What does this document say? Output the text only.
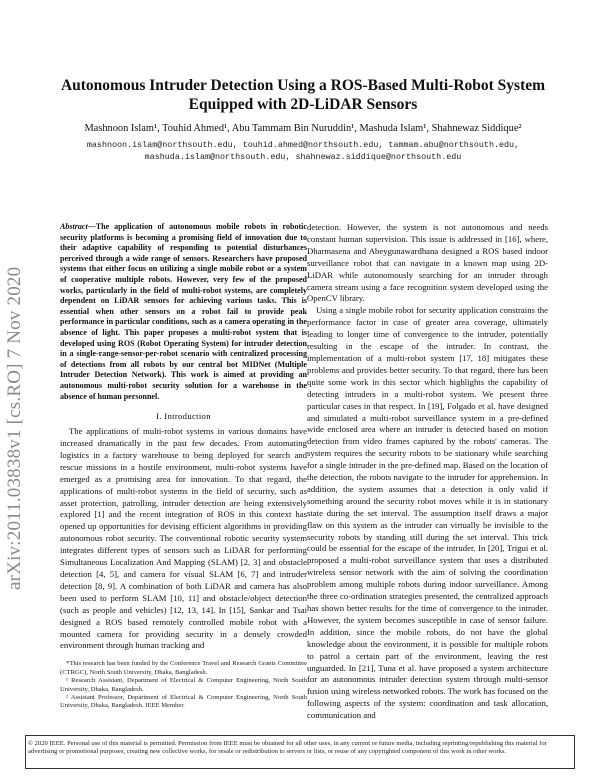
arXiv:2011.03838v1 [cs.RO] 7 Nov 2020
Autonomous Intruder Detection Using a ROS-Based Multi-Robot System Equipped with 2D-LiDAR Sensors
Mashnoon Islam¹, Touhid Ahmed¹, Abu Tammam Bin Nuruddin¹, Mashuda Islam¹, Shahnewaz Siddique²
mashnoon.islam@northsouth.edu, touhid.ahmed@northsouth.edu, tammam.abu@northsouth.edu, mashuda.islam@northsouth.edu, shahnewaz.siddique@northsouth.edu

Abstract—The application of autonomous mobile robots in robotic security platforms is becoming a promising field of innovation due to their adaptive capability of responding to potential disturbances perceived through a wide range of sensors. Researchers have proposed systems that either focus on utilizing a single mobile robot or a system of cooperative multiple robots. However, very few of the proposed works, particularly in the field of multi-robot systems, are completely dependent on LiDAR sensors for achieving various tasks. This is essential when other sensors on a robot fail to provide peak performance in particular conditions, such as a camera operating in the absence of light. This paper proposes a multi-robot system that is developed using ROS (Robot Operating System) for intruder detection in a single-range-sensor-per-robot scenario with centralized processing of detections from all robots by our central bot MIDNet (Multiple Intruder Detection Network). This work is aimed at providing an autonomous multi-robot security solution for a warehouse in the absence of human personnel.

I. Introduction

The applications of multi-robot systems in various domains have increased dramatically in the past few decades. From automating logistics in a factory warehouse to being deployed for search and rescue missions in a hostile environment, multi-robot systems have emerged as a promising area for innovation. To that regard, the applications of multi-robot systems in the field of security, such as asset protection, patrolling, intruder detection are being extensively explored [1] and the recent integration of ROS in this context has opened up opportunities for devising efficient algorithms in providing autonomous robot security. The conventional robotic security system integrates different types of sensors such as LiDAR for performing Simultaneous Localization And Mapping (SLAM) [2, 3] and obstacle detection [4, 5], and camera for visual SLAM [6, 7] and intruder detection [8, 9]. A combination of both LiDAR and camera has also been used to perform SLAM [10, 11] and obstacle/object detection (such as people and vehicles) [12, 13, 14]. In [15], Sankar and Tsai designed a ROS based remotely controlled mobile robot with a mounted camera for providing security in a densely crowded environment through human tracking and

*This research has been funded by the Conference Travel and Research Grants Committee (CTRGC), North South University, Dhaka, Bangladesh.

¹ Research Assistant, Department of Electrical & Computer Engineering, North South University, Dhaka, Bangladesh.

² Assistant Professor, Department of Electrical & Computer Engineering, North South University, Dhaka, Bangladesh. IEEE Member.

detection. However, the system is not autonomous and needs constant human supervision. This issue is addressed in [16], where, Dharmasena and Abeygunawardhana designed a ROS based indoor surveillance robot that can navigate in a known map using 2D-LiDAR while autonomously searching for an intruder through camera stream using a face recognition system developed using the OpenCV library.

Using a single mobile robot for security application constrains the performance factor in case of greater area coverage, ultimately leading to longer time of convergence to the intruder, potentially resulting in the escape of the intruder. In contrast, the implementation of a multi-robot system [17, 18] mitigates these problems and provides better security. To that regard, there has been quite some work in this sector which highlights the capability of detecting intruders in a multi-robot system. We present three particular cases in that respect. In [19], Folgado et al. have designed and simulated a multi-robot surveillance system in a pre-defined wide enclosed area where an intruder is detected based on motion detection from video frames captured by the robots' cameras. The system requires the security robots to be stationary while searching for a single intruder in the pre-defined map. Based on the location of the detection, the robots navigate to the intruder for apprehension. In addition, the system assumes that a detection is only valid if something around the security robot moves while it is in stationary state during the set interval. The assumption itself draws a major flaw on this system as the intruder can virtually be invisible to the security robots by standing still during the set interval. This trick could be essential for the escape of the intruder. In [20], Trigui et al. proposed a multi-robot surveillance system that uses a distributed wireless sensor network with the aim of solving the coordination problem among multiple robots during indoor surveillance. Among the three co-ordination strategies presented, the centralized approach has shown better results for the time of convergence to the intruder. However, the system becomes susceptible in case of sensor failure. In addition, since the mobile robots, do not have the global knowledge about the environment, it is possible for multiple robots to patrol a certain part of the environment, leaving the rest unguarded. In [21], Tuna et al. have proposed a system architecture for an autonomous intruder detection system through multi-sensor fusion using wireless networked robots. The work has focused on the following aspects of the system: coordination and task allocation, communication and

© 2020 IEEE. Personal use of this material is permitted. Permission from IEEE must be obtained for all other uses, in any current or future media, including reprinting/republishing this material for advertising or promotional purposes, creating new collective works, for resale or redistribution to servers or lists, or reuse of any copyrighted component of this work in other works.
